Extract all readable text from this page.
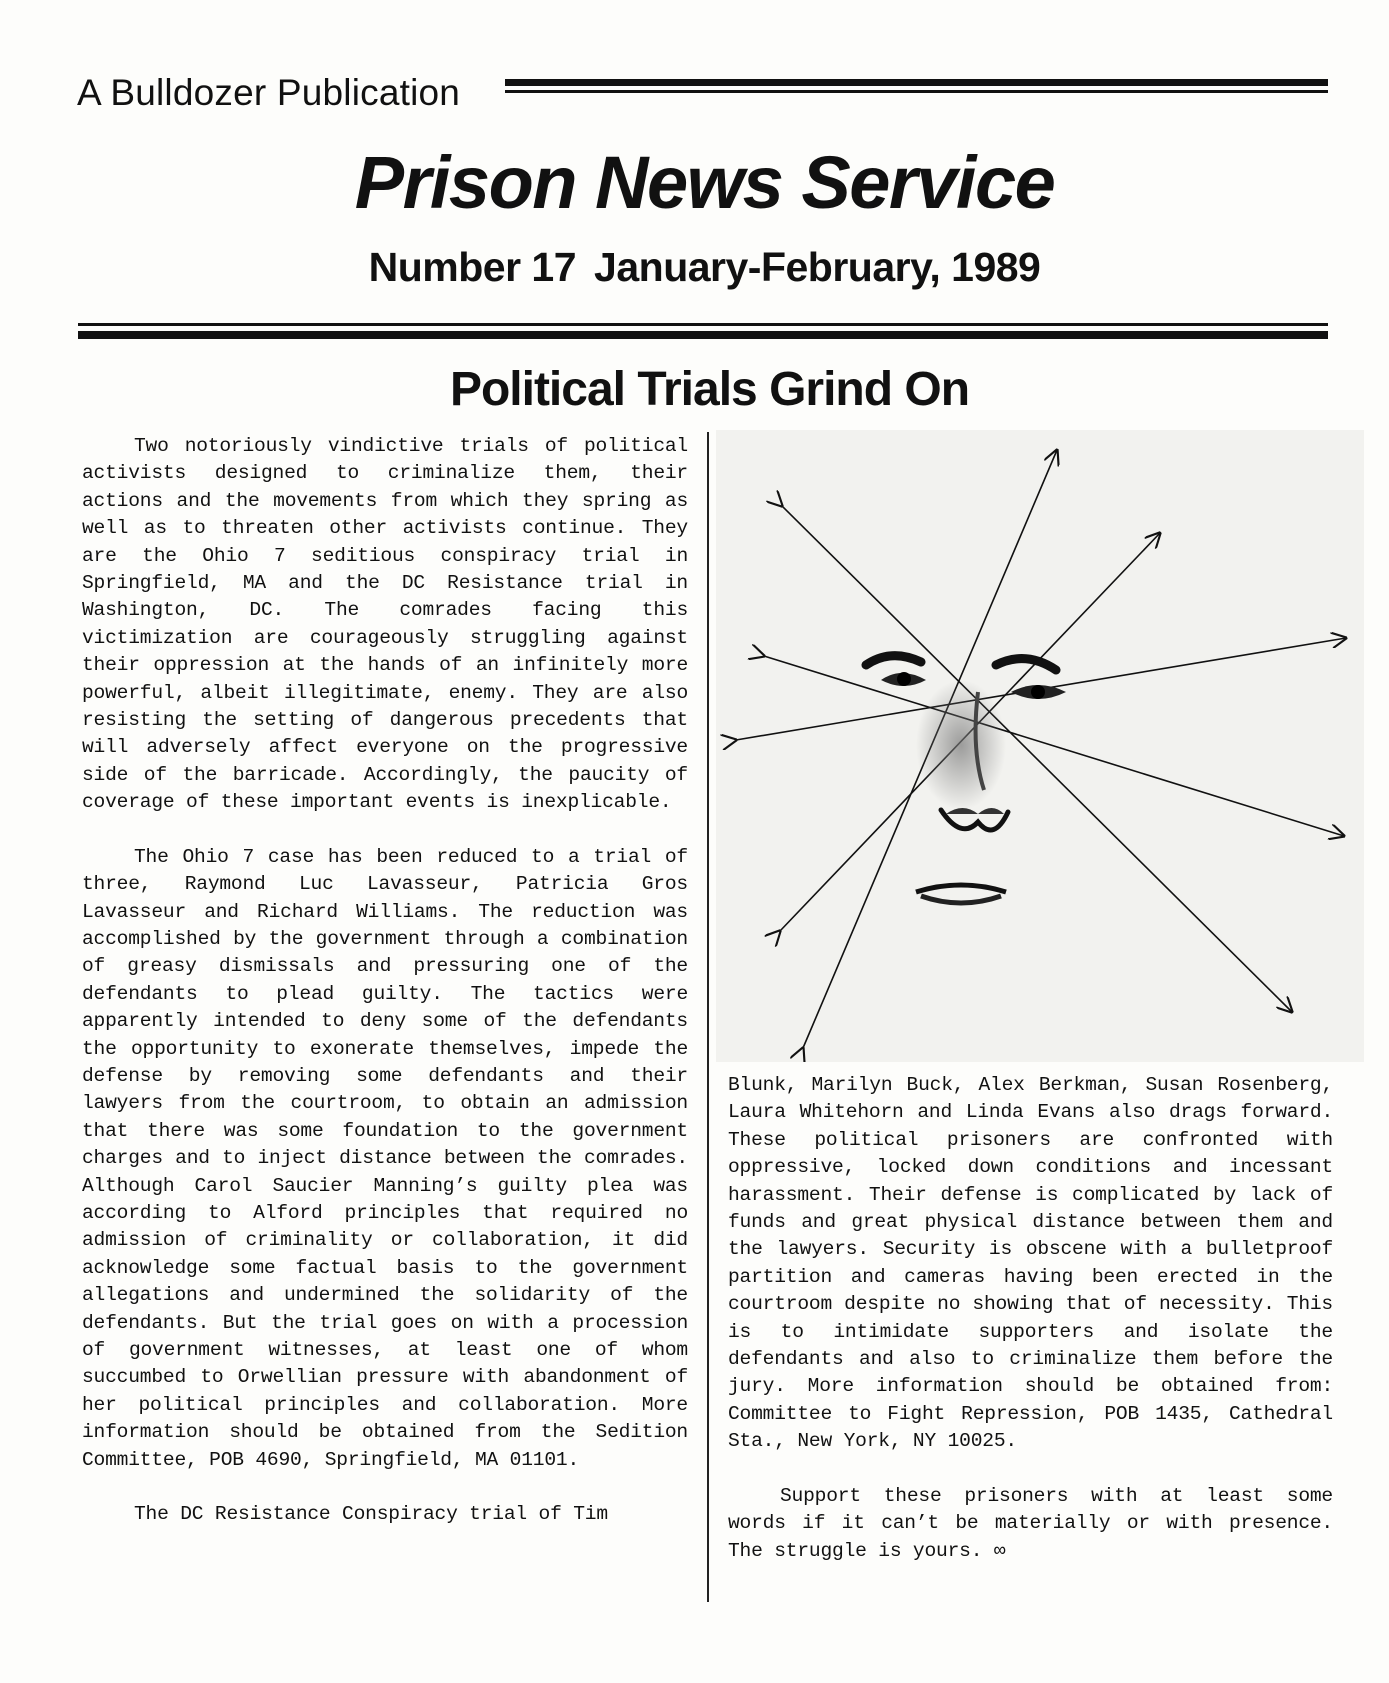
A Bulldozer Publication
Prison News Service
Number 17 January-February, 1989
Political Trials Grind On

Two notoriously vindictive trials of political activists designed to criminalize them, their actions and the movements from which they spring as well as to threaten other activists continue. They are the Ohio 7 seditious conspiracy trial in Springfield, MA and the DC Resistance trial in Washington, DC. The comrades facing this victimization are courageously struggling against their oppression at the hands of an infinitely more powerful, albeit illegitimate, enemy. They are also resisting the setting of dangerous precedents that will adversely affect everyone on the progressive side of the barricade. Accordingly, the paucity of coverage of these important events is inexplicable.

The Ohio 7 case has been reduced to a trial of three, Raymond Luc Lavasseur, Patricia Gros Lavasseur and Richard Williams. The reduction was accomplished by the government through a combination of greasy dismissals and pressuring one of the defendants to plead guilty. The tactics were apparently intended to deny some of the defendants the opportunity to exonerate themselves, impede the defense by removing some defendants and their lawyers from the courtroom, to obtain an admission that there was some foundation to the government charges and to inject distance between the comrades. Although Carol Saucier Manning’s guilty plea was according to Alford principles that required no admission of criminality or collaboration, it did acknowledge some factual basis to the government allegations and undermined the solidarity of the defendants. But the trial goes on with a procession of government witnesses, at least one of whom succumbed to Orwellian pressure with abandonment of her political principles and collaboration. More information should be obtained from the Sedition Committee, POB 4690, Springfield, MA 01101.

The DC Resistance Conspiracy trial of Tim

Blunk, Marilyn Buck, Alex Berkman, Susan Rosenberg, Laura Whitehorn and Linda Evans also drags forward. These political prisoners are confronted with oppressive, locked down conditions and incessant harassment. Their defense is complicated by lack of funds and great physical distance between them and the lawyers. Security is obscene with a bulletproof partition and cameras having been erected in the courtroom despite no showing that of necessity. This is to intimidate supporters and isolate the defendants and also to criminalize them before the jury. More information should be obtained from: Committee to Fight Repression, POB 1435, Cathedral Sta., New York, NY 10025.

Support these prisoners with at least some words if it can’t be materially or with presence. The struggle is yours. ∞
